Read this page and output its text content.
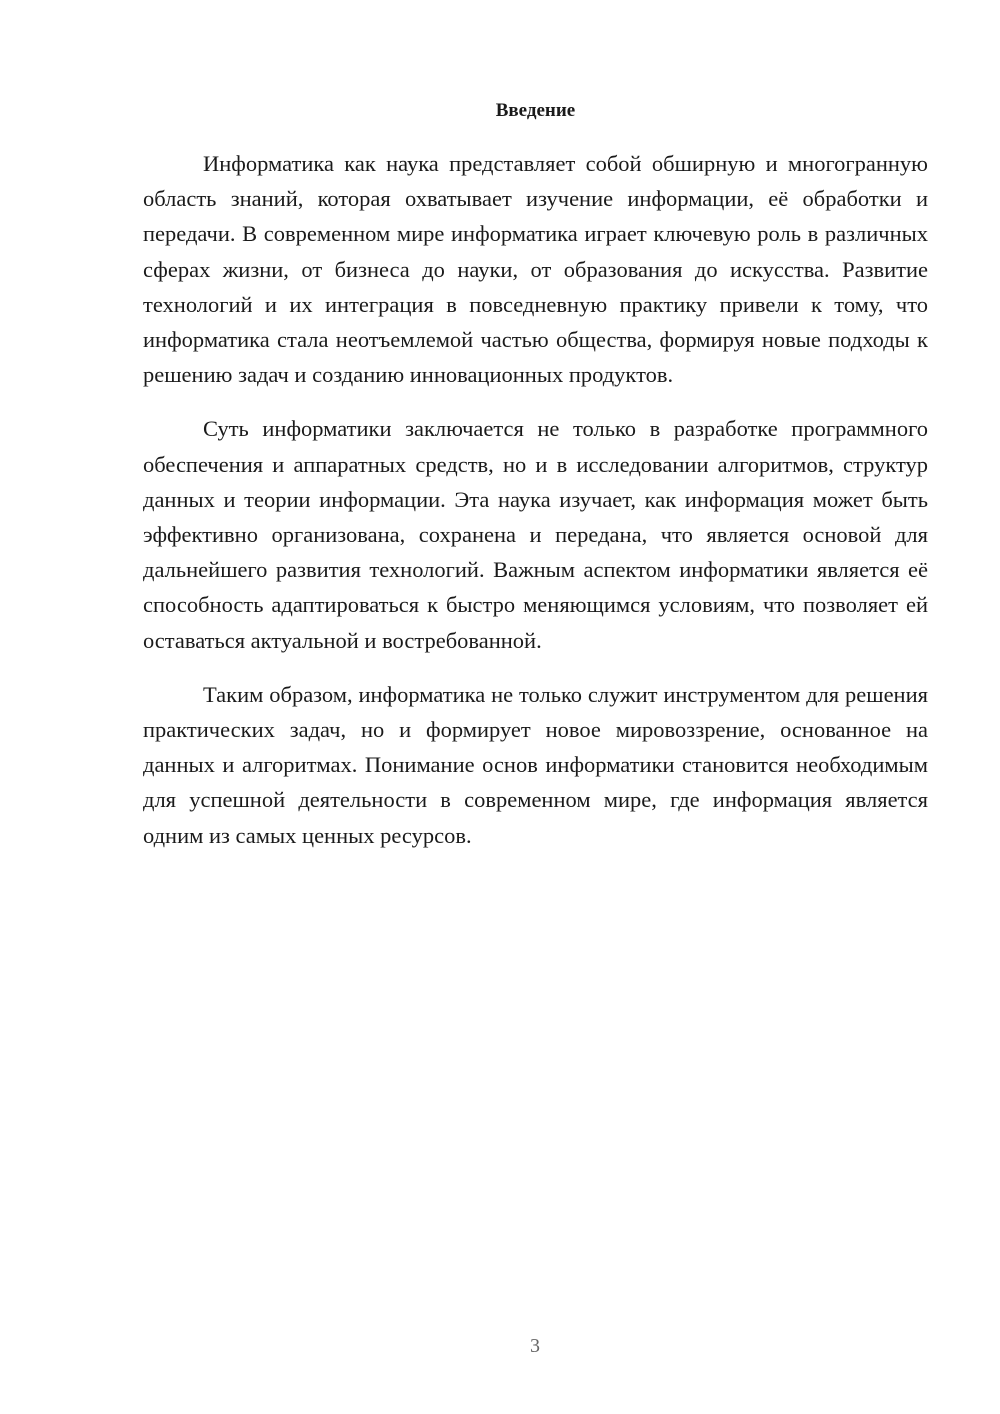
Введение

Информатика как наука представляет собой обширную и многогранную область знаний, которая охватывает изучение информации, её обработки и передачи. В современном мире информатика играет ключевую роль в различных сферах жизни, от бизнеса до науки, от образования до искусства. Развитие технологий и их интеграция в повседневную практику привели к тому, что информатика стала неотъемлемой частью общества, формируя новые подходы к решению задач и созданию инновационных продуктов.

Суть информатики заключается не только в разработке программного обеспечения и аппаратных средств, но и в исследовании алгоритмов, структур данных и теории информации. Эта наука изучает, как информация может быть эффективно организована, сохранена и передана, что является основой для дальнейшего развития технологий. Важным аспектом информатики является её способность адаптироваться к быстро меняющимся условиям, что позволяет ей оставаться актуальной и востребованной.

Таким образом, информатика не только служит инструментом для решения практических задач, но и формирует новое мировоззрение, основанное на данных и алгоритмах. Понимание основ информатики становится необходимым для успешной деятельности в современном мире, где информация является одним из самых ценных ресурсов.

3
